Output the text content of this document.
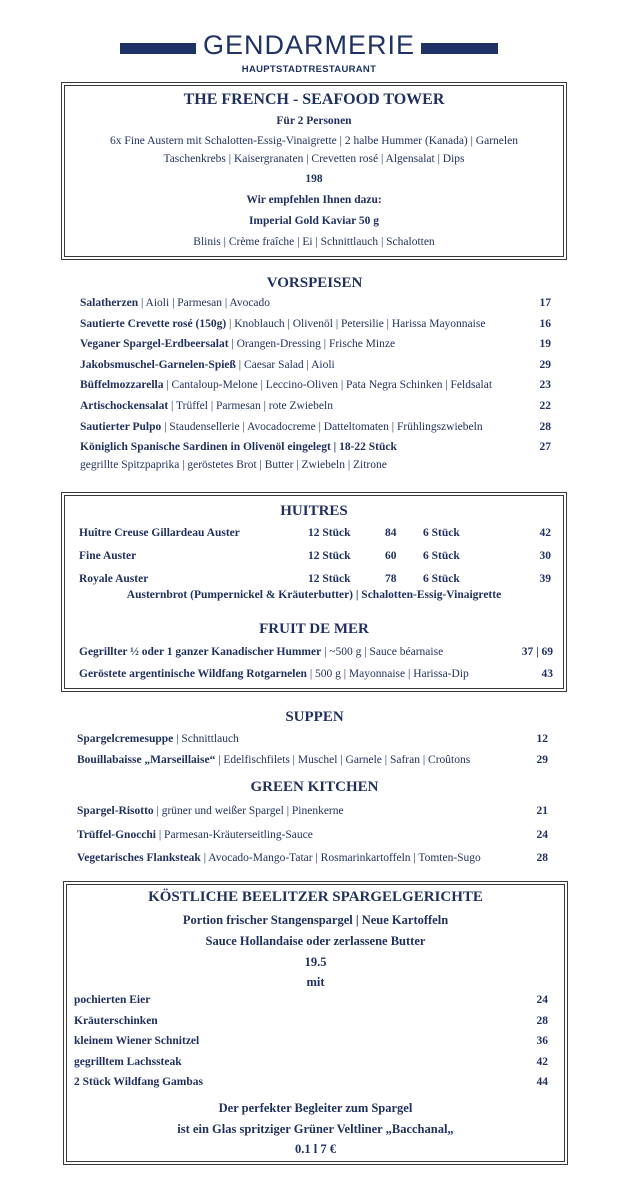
GENDARMERIE
HAUPTSTADTRESTAURANT
THE FRENCH - SEAFOOD TOWER
Für 2 Personen
6x Fine Austern mit Schalotten-Essig-Vinaigrette | 2 halbe Hummer (Kanada) | Garnelen
Taschenkrebs | Kaisergranaten | Crevetten rosé | Algensalat | Dips
198
Wir empfehlen Ihnen dazu:
Imperial Gold Kaviar 50 g
Blinis | Crème fraîche | Ei | Schnittlauch | Schalotten
VORSPEISEN
Salatherzen | Aioli | Parmesan | Avocado	17
Sautierte Crevette rosé (150g) | Knoblauch | Olivenöl | Petersilie | Harissa Mayonnaise	16
Veganer Spargel-Erdbeersalat | Orangen-Dressing | Frische Minze	19
Jakobsmuschel-Garnelen-Spieß | Caesar Salad | Aioli	29
Büffelmozzarella | Cantaloup-Melone | Leccino-Oliven | Pata Negra Schinken | Feldsalat	23
Artischockensalat | Trüffel | Parmesan | rote Zwiebeln	22
Sautierter Pulpo | Staudensellerie | Avocadocreme | Datteltomaten | Frühlingszwiebeln	28
Königlich Spanische Sardinen in Olivenöl eingelegt | 18-22 Stück	27
gegrillte Spitzpaprika | geröstetes Brot | Butter | Zwiebeln | Zitrone
HUITRES
Huître Creuse Gillardeau Auster	12 Stück	84 6 Stück	42
Fine Auster	12 Stück	60 6 Stück	30
Royale Auster	12 Stück	78 6 Stück	39
Austernbrot (Pumpernickel & Kräuterbutter) | Schalotten-Essig-Vinaigrette
FRUIT DE MER
Gegrillter ½ oder 1 ganzer Kanadischer Hummer | ~500 g | Sauce béarnaise	37 | 69
Geröstete argentinische Wildfang Rotgarnelen | 500 g | Mayonnaise | Harissa-Dip	43
SUPPEN
Spargelcremesuppe | Schnittlauch	12
Bouillabaisse „Marseillaise“ | Edelfischfilets | Muschel | Garnele | Safran | Croûtons	29
GREEN KITCHEN
Spargel-Risotto | grüner und weißer Spargel | Pinenkerne	21
Trüffel-Gnocchi | Parmesan-Kräuterseitling-Sauce	24
Vegetarisches Flanksteak | Avocado-Mango-Tatar | Rosmarinkartoffeln | Tomten-Sugo	28
KÖSTLICHE BEELITZER SPARGELGERICHTE
Portion frischer Stangenspargel | Neue Kartoffeln
Sauce Hollandaise oder zerlassene Butter
19.5
mit
pochierten Eier	24
Kräuterschinken	28
kleinem Wiener Schnitzel	36
gegrilltem Lachssteak	42
2 Stück Wildfang Gambas	44
Der perfekter Begleiter zum Spargel
ist ein Glas spritziger Grüner Veltliner „Bacchanal„
0.1 l 7 €
